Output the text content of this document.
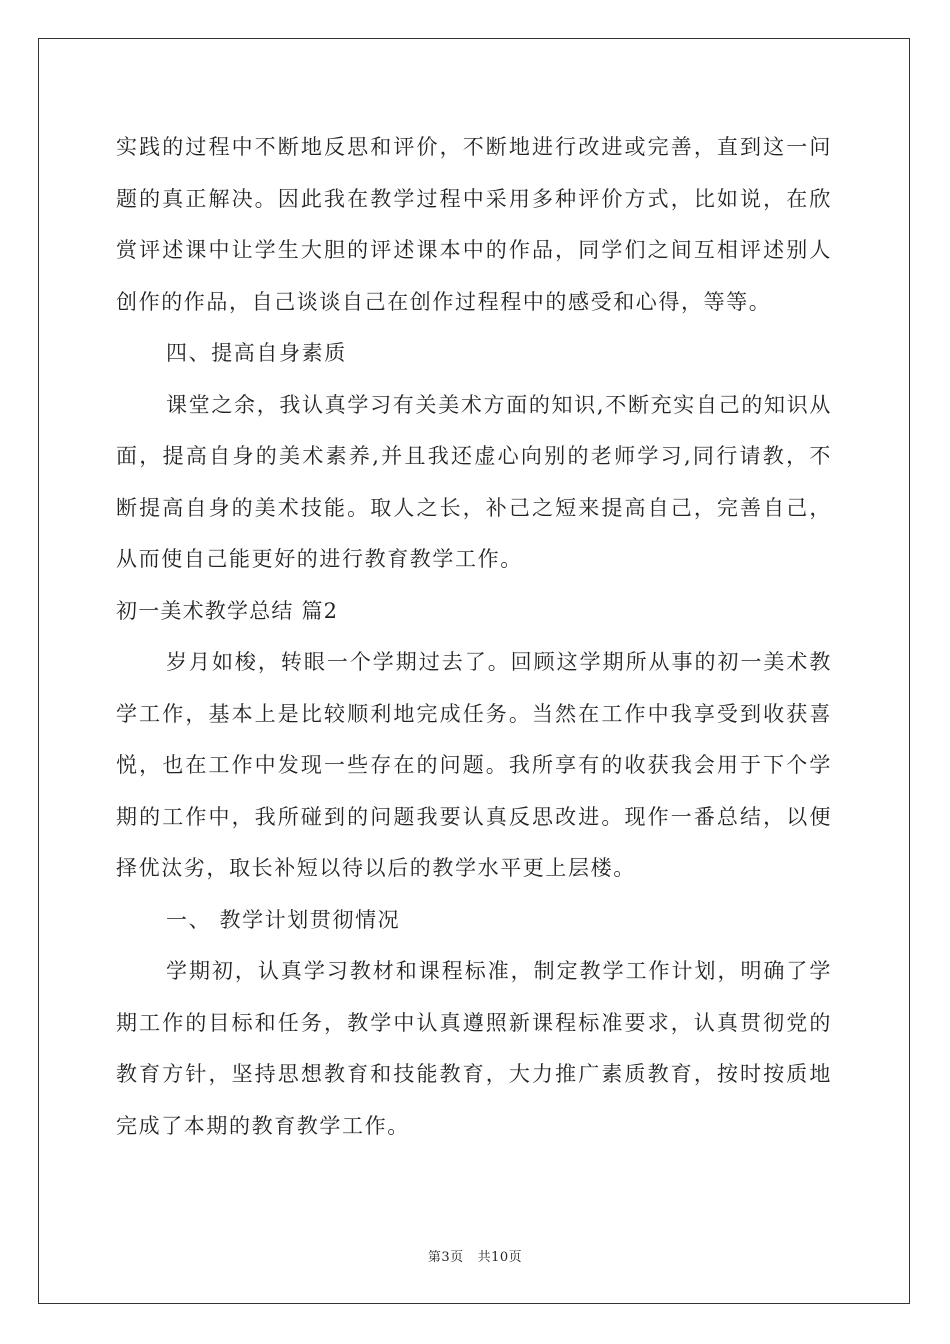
实践的过程中不断地反思和评价，不断地进行改进或完善，直到这一问题的真正解决。因此我在教学过程中采用多种评价方式，比如说，在欣赏评述课中让学生大胆的评述课本中的作品，同学们之间互相评述别人创作的作品，自己谈谈自己在创作过程程中的感受和心得，等等。

四、提高自身素质

课堂之余，我认真学习有关美术方面的知识,不断充实自己的知识从面，提高自身的美术素养,并且我还虚心向别的老师学习,同行请教，不断提高自身的美术技能。取人之长，补己之短来提高自己，完善自己，从而使自己能更好的进行教育教学工作。

初一美术教学总结 篇2

岁月如梭，转眼一个学期过去了。回顾这学期所从事的初一美术教学工作，基本上是比较顺利地完成任务。当然在工作中我享受到收获喜悦，也在工作中发现一些存在的问题。我所享有的收获我会用于下个学期的工作中，我所碰到的问题我要认真反思改进。现作一番总结，以便择优汰劣，取长补短以待以后的教学水平更上层楼。

一、 教学计划贯彻情况

学期初，认真学习教材和课程标准，制定教学工作计划，明确了学期工作的目标和任务，教学中认真遵照新课程标准要求，认真贯彻党的教育方针，坚持思想教育和技能教育，大力推广素质教育，按时按质地完成了本期的教育教学工作。

第3页 共10页
